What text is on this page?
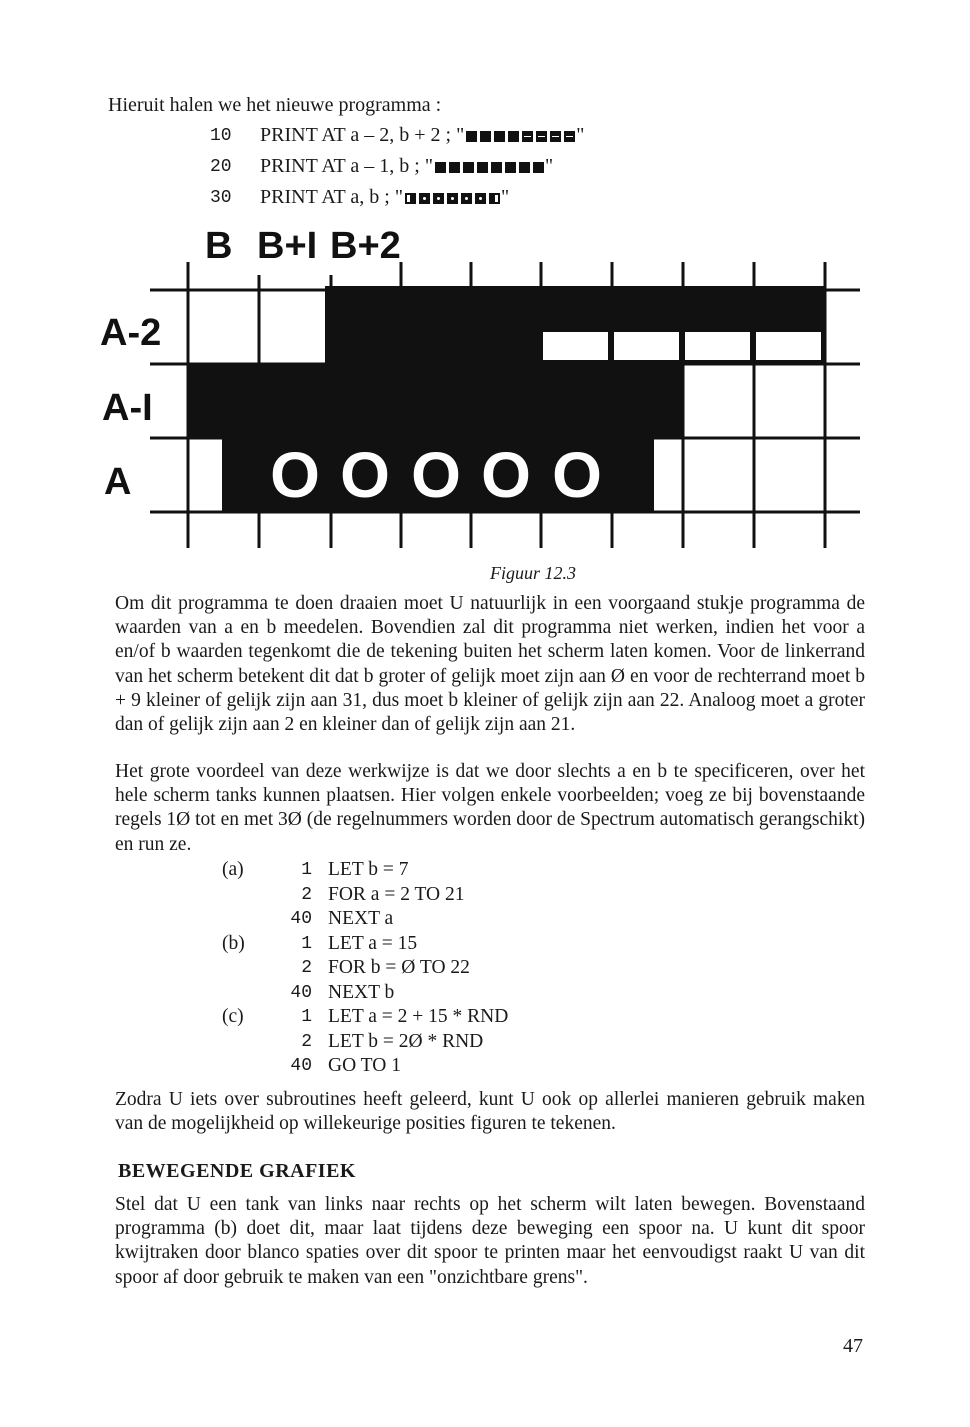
Hieruit halen we het nieuwe programma :
10	PRINT AT a – 2, b + 2 ; "	"
20	PRINT AT a – 1, b ; "	"
30	PRINT AT a, b ; "	"
B B+I B+2
A-2
A-I
A O O O O O
Figuur 12.3
Om dit programma te doen draaien moet U natuurlijk in een voorgaand stukje programma de waarden van a en b meedelen. Bovendien zal dit programma niet werken, indien het voor a en/of b waarden tegenkomt die de tekening buiten het scherm laten komen. Voor de linkerrand van het scherm betekent dit dat b groter of gelijk moet zijn aan Ø en voor de rechterrand moet b + 9 kleiner of gelijk zijn aan 31, dus moet b kleiner of gelijk zijn aan 22. Analoog moet a groter dan of gelijk zijn aan 2 en kleiner dan of gelijk zijn aan 21.
Het grote voordeel van deze werkwijze is dat we door slechts a en b te specificeren, over het hele scherm tanks kunnen plaatsen. Hier volgen enkele voorbeelden; voeg ze bij bovenstaande regels 1Ø tot en met 3Ø (de regelnummers worden door de Spectrum automatisch gerangschikt) en run ze.
(a)	1 LET b = 7
2 FOR a = 2 TO 21
40 NEXT a
(b)	1 LET a = 15
2 FOR b = Ø TO 22
40 NEXT b
(c)	1 LET a = 2 + 15 * RND
2 LET b = 2Ø * RND
40 GO TO 1
Zodra U iets over subroutines heeft geleerd, kunt U ook op allerlei manieren gebruik maken van de mogelijkheid op willekeurige posities figuren te tekenen.
BEWEGENDE GRAFIEK
Stel dat U een tank van links naar rechts op het scherm wilt laten bewegen. Bovenstaand programma (b) doet dit, maar laat tijdens deze beweging een spoor na. U kunt dit spoor kwijtraken door blanco spaties over dit spoor te printen maar het eenvoudigst raakt U van dit spoor af door gebruik te maken van een "onzichtbare grens".
47
